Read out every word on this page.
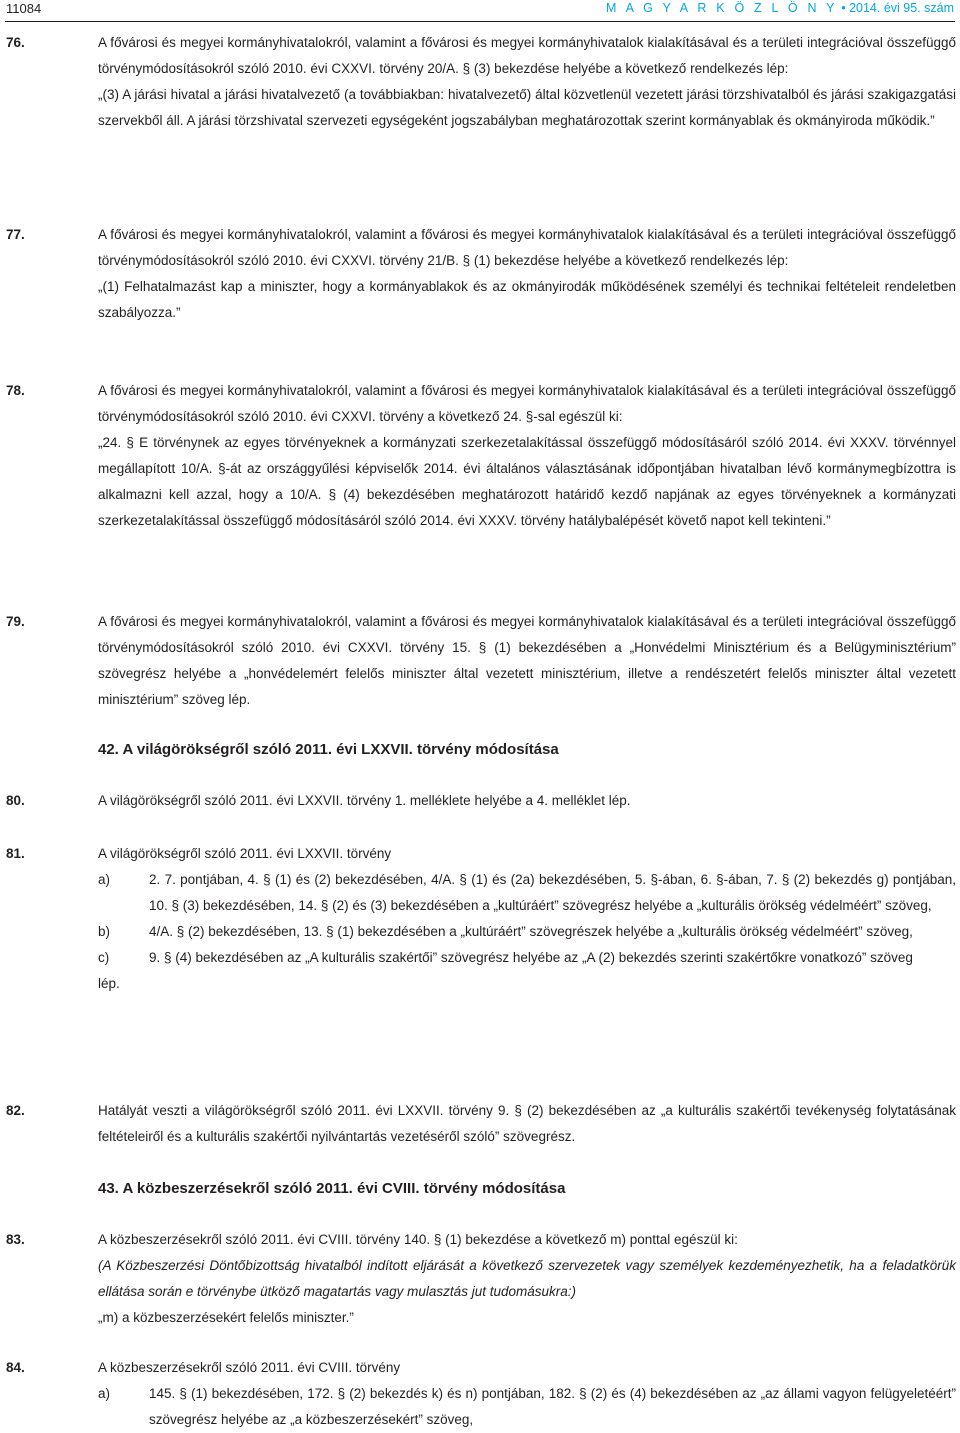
11084	M A G Y A R K Ö Z L Ö N Y • 2014. évi 95. szám
76.	A fővárosi és megyei kormányhivatalokról, valamint a fővárosi és megyei kormányhivatalok kialakításával és a területi integrációval összefüggő törvénymódosításokról szóló 2010. évi CXXVI. törvény 20/A. § (3) bekezdése helyébe a következő rendelkezés lép:

„(3) A járási hivatal a járási hivatalvezető (a továbbiakban: hivatalvezető) által közvetlenül vezetett járási törzshivatalból és járási szakigazgatási szervekből áll. A járási törzshivatal szervezeti egységeként jogszabályban meghatározottak szerint kormányablak és okmányiroda működik.”

77.	A fővárosi és megyei kormányhivatalokról, valamint a fővárosi és megyei kormányhivatalok kialakításával és a területi integrációval összefüggő törvénymódosításokról szóló 2010. évi CXXVI. törvény 21/B. § (1) bekezdése helyébe a következő rendelkezés lép:

„(1) Felhatalmazást kap a miniszter, hogy a kormányablakok és az okmányirodák működésének személyi és technikai feltételeit rendeletben szabályozza.”

78.	A fővárosi és megyei kormányhivatalokról, valamint a fővárosi és megyei kormányhivatalok kialakításával és a területi integrációval összefüggő törvénymódosításokról szóló 2010. évi CXXVI. törvény a következő 24. §-sal egészül ki:

„24. § E törvénynek az egyes törvényeknek a kormányzati szerkezetalakítással összefüggő módosításáról szóló 2014. évi XXXV. törvénnyel megállapított 10/A. §-át az országgyűlési képviselők 2014. évi általános választásának időpontjában hivatalban lévő kormánymegbízottra is alkalmazni kell azzal, hogy a 10/A. § (4) bekezdésében meghatározott határidő kezdő napjának az egyes törvényeknek a kormányzati szerkezetalakítással összefüggő módosításáról szóló 2014. évi XXXV. törvény hatálybalépését követő napot kell tekinteni.”

79.	A fővárosi és megyei kormányhivatalokról, valamint a fővárosi és megyei kormányhivatalok kialakításával és a területi integrációval összefüggő törvénymódosításokról szóló 2010. évi CXXVI. törvény 15. § (1) bekezdésében a „Honvédelmi Minisztérium és a Belügyminisztérium” szövegrész helyébe a „honvédelemért felelős miniszter által vezetett minisztérium, illetve a rendészetért felelős miniszter által vezetett minisztérium” szöveg lép.

42. A világörökségről szóló 2011. évi LXXVII. törvény módosítása
80.	A világörökségről szóló 2011. évi LXXVII. törvény 1. melléklete helyébe a 4. melléklet lép.

81.	A világörökségről szóló 2011. évi LXXVII. törvény

a)	2. 7. pontjában, 4. § (1) és (2) bekezdésében, 4/A. § (1) és (2a) bekezdésében, 5. §-ában, 6. §-ában, 7. § (2) bekezdés g) pontjában, 10. § (3) bekezdésében, 14. § (2) és (3) bekezdésében a „kultúráért” szövegrész helyébe a „kulturális örökség védelméért” szöveg,
b)	4/A. § (2) bekezdésében, 13. § (1) bekezdésében a „kultúráért” szövegrészek helyébe a „kulturális örökség védelméért” szöveg,
c)	9. § (4) bekezdésében az „A kulturális szakértői” szövegrész helyébe az „A (2) bekezdés szerinti szakértőkre vonatkozó” szöveg

lép.

82.	Hatályát veszti a világörökségről szóló 2011. évi LXXVII. törvény 9. § (2) bekezdésében az „a kulturális szakértői tevékenység folytatásának feltételeiről és a kulturális szakértői nyilvántartás vezetéséről szóló” szövegrész.

43. A közbeszerzésekről szóló 2011. évi CVIII. törvény módosítása
83.	A közbeszerzésekről szóló 2011. évi CVIII. törvény 140. § (1) bekezdése a következő m) ponttal egészül ki:

(A Közbeszerzési Döntőbizottság hivatalból indított eljárását a következő szervezetek vagy személyek kezdeményezhetik, ha a feladatkörük ellátása során e törvénybe ütköző magatartás vagy mulasztás jut tudomásukra:)

„m) a közbeszerzésekért felelős miniszter.”

84.	A közbeszerzésekről szóló 2011. évi CVIII. törvény

a)	145. § (1) bekezdésében, 172. § (2) bekezdés k) és n) pontjában, 182. § (2) és (4) bekezdésében az „az állami vagyon felügyeletéért” szövegrész helyébe az „a közbeszerzésekért” szöveg,
